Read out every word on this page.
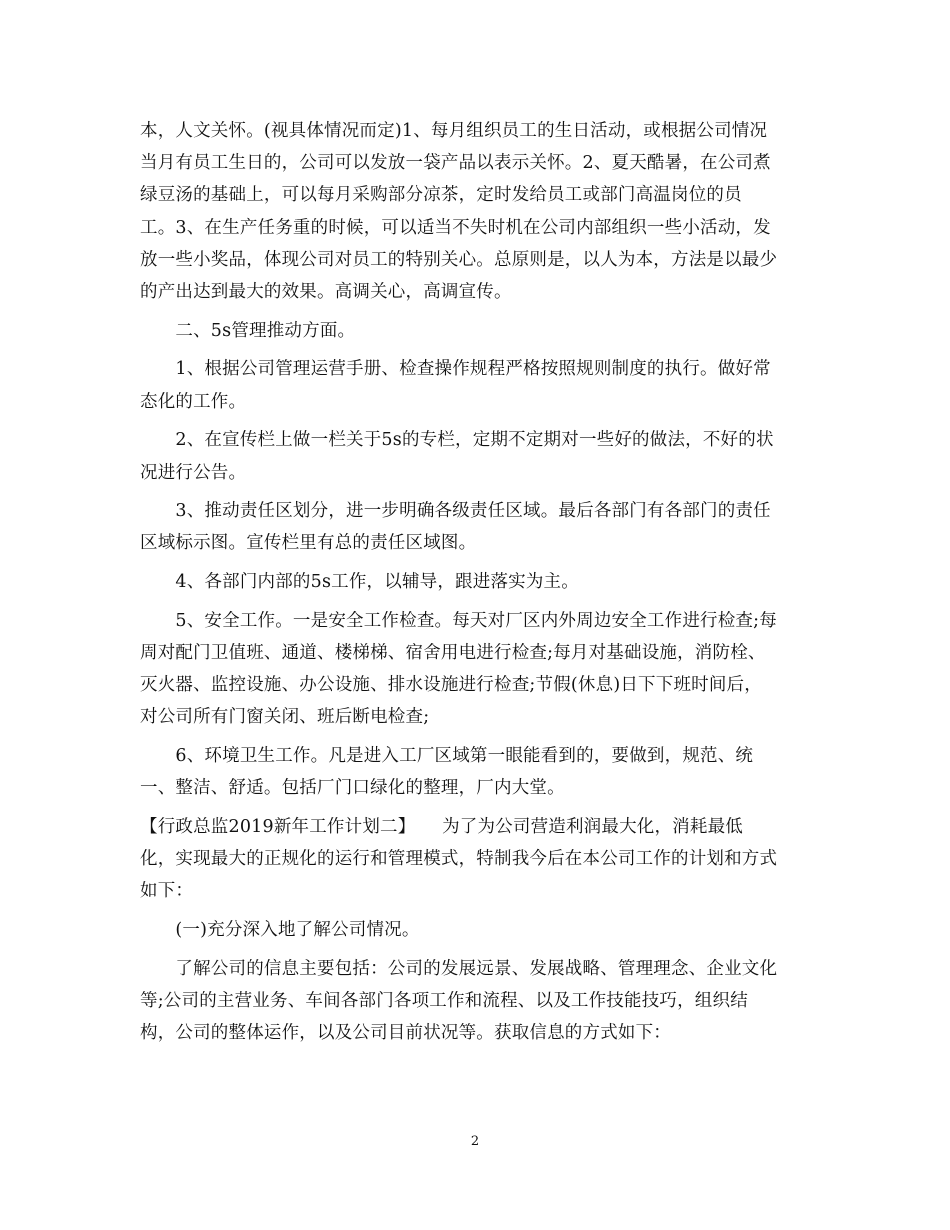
本，人文关怀。(视具体情况而定)1、每月组织员工的生日活动，或根据公司情况

当月有员工生日的，公司可以发放一袋产品以表示关怀。2、夏天酷暑，在公司煮

绿豆汤的基础上，可以每月采购部分凉茶，定时发给员工或部门高温岗位的员

工。3、在生产任务重的时候，可以适当不失时机在公司内部组织一些小活动，发

放一些小奖品，体现公司对员工的特别关心。总原则是，以人为本，方法是以最少

的产出达到最大的效果。高调关心，高调宣传。

　　二、5s管理推动方面。

　　1、根据公司管理运营手册、检查操作规程严格按照规则制度的执行。做好常

态化的工作。

　　2、在宣传栏上做一栏关于5s的专栏，定期不定期对一些好的做法，不好的状

况进行公告。

　　3、推动责任区划分，进一步明确各级责任区域。最后各部门有各部门的责任

区域标示图。宣传栏里有总的责任区域图。

　　4、各部门内部的5s工作，以辅导，跟进落实为主。

　　5、安全工作。一是安全工作检查。每天对厂区内外周边安全工作进行检查;每

周对配门卫值班、通道、楼梯梯、宿舍用电进行检查;每月对基础设施，消防栓、

灭火器、监控设施、办公设施、排水设施进行检查;节假(休息)日下下班时间后，

对公司所有门窗关闭、班后断电检查;

　　6、环境卫生工作。凡是进入工厂区域第一眼能看到的，要做到，规范、统

一、整洁、舒适。包括厂门口绿化的整理，厂内大堂。

【行政总监2019新年工作计划二】　　为了为公司营造利润最大化，消耗最低

化，实现最大的正规化的运行和管理模式，特制我今后在本公司工作的计划和方式

如下：

　　(一)充分深入地了解公司情况。

　　了解公司的信息主要包括：公司的发展远景、发展战略、管理理念、企业文化

等;公司的主营业务、车间各部门各项工作和流程、以及工作技能技巧，组织结

构，公司的整体运作，以及公司目前状况等。获取信息的方式如下：

2
